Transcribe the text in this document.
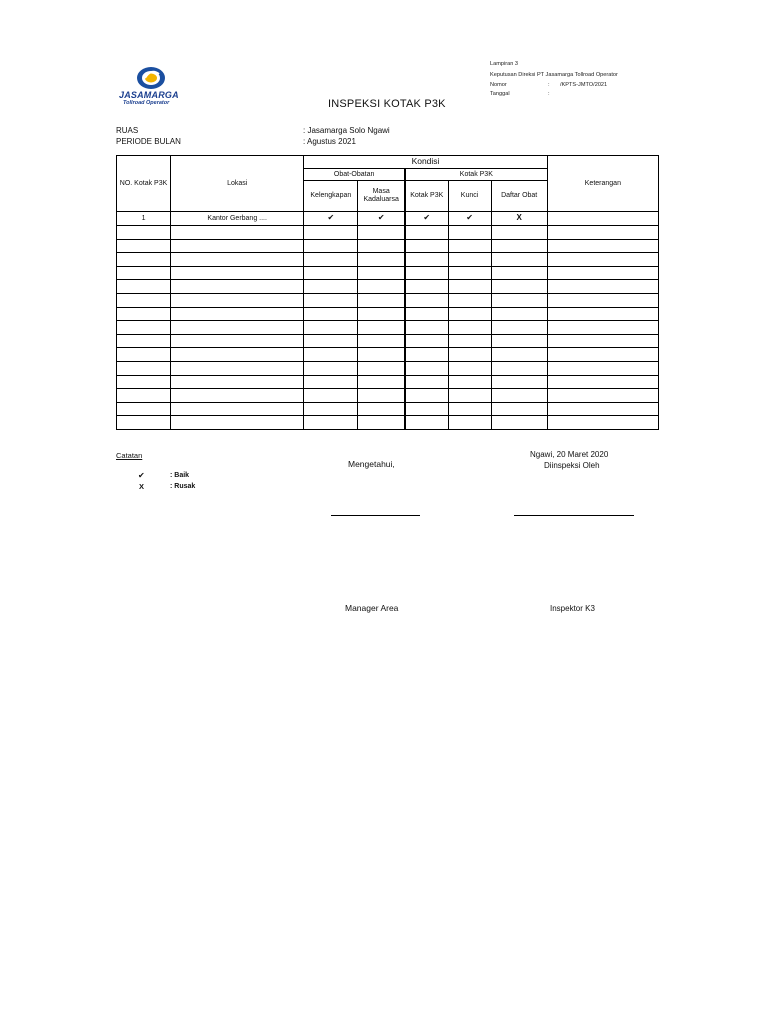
JASAMARGA
Tollroad Operator
Lampiran 3
Keputusan Direksi PT Jasamarga Tollroad Operator
Nomor	: /KPTS-JMTO/2021
Tanggal	:
INSPEKSI KOTAK P3K
RUAS	: Jasamarga Solo Ngawi
PERIODE BULAN	: Agustus 2021
NO. Kotak P3K	Lokasi	Kondisi					Keterangan
		Obat-Obatan		Kotak P3K			
		Kelengkapan	Masa Kadaluarsa	Kotak P3K	Kunci	Daftar Obat	
1	Kantor Gerbang ....	✔	✔	✔	✔	X	

Catatan
✔	: Baik
X	: Rusak
Ngawi, 20 Maret 2020
Diinspeksi Oleh
Mengetahui,
Manager Area	Inspektor K3
